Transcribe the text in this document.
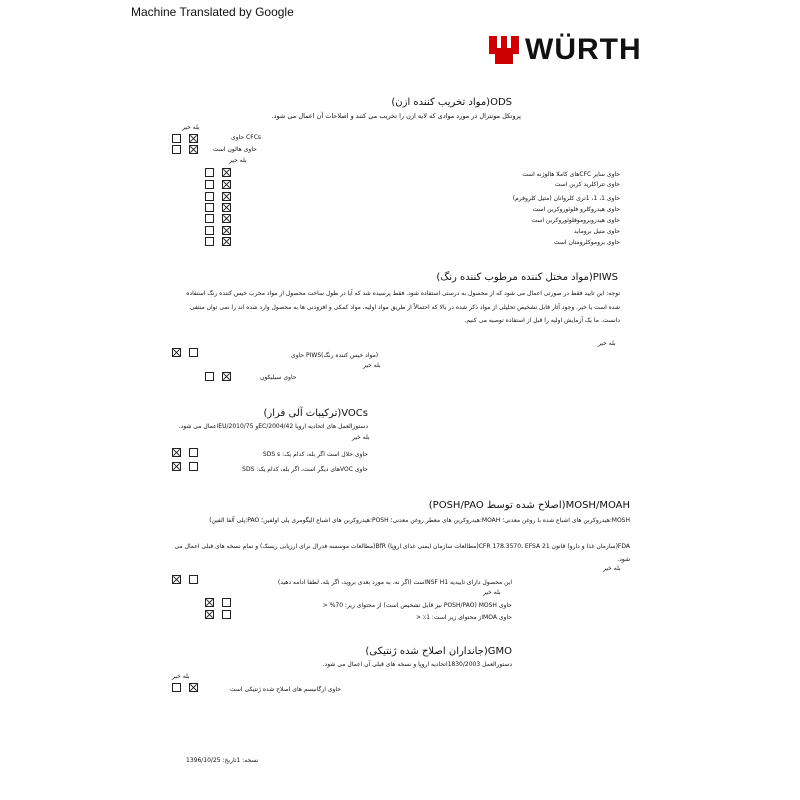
Machine Translated by Google
WÜRTH
ODS(مواد تخریب کننده ازن)
پروتکل مونترال در مورد موادی که لایه ازن را تخریب می کنند و اصلاحات آن اعمال می شود.
بله خیر
حاوی CFCs
حاوی هالون است
بله خیر
حاوی سایر CFCهای کاملا هالوژنه است
حاوی تتراکلرید کربن است
حاوی 1، 1، 1تری کلرواتان (متیل کلروفرم)
حاوی هیدروکلرو فلوئوروکربن است
حاوی هیدروبروموفلوئوروکربن است
حاوی متیل بروماید
حاوی بروموکلرومتان است
PIWS(مواد مختل کننده مرطوب کننده رنگ)
توجه: این تایید فقط در صورتی اعمال می شود که از محصول به درستی استفاده شود. فقط پرسیده شد که آیا در طول ساخت محصول از مواد مخرب خیس کننده رنگ استفاده
شده است یا خیر. وجود آثار قابل تشخیص تحلیلی از مواد ذکر شده در بالا که احتمالاً از طریق مواد اولیه، مواد کمکی و افزودنی ها به محصول وارد شده اند را نمی توان منتفی
دانست. ما یک آزمایش اولیه را قبل از استفاده توصیه می کنیم.
بله خیر
حاوی PIWS(مواد خیس کننده رنگ)
بله خیر
حاوی سیلیکون
VOCs(ترکیبات آلی فرار)
دستورالعمل های اتحادیه اروپا 2004/42/ECو 2010/75/EUاعمال می شود.
بله خیر
حاوی حلال است اگر بله، کدام یک: SDS s
حاوی VOCهای دیگر است، اگر بله، کدام یک: SDS
MOSH/MOAH(اصلاح شده توسط POSH/PAO)
MOSH:هیدروکربن های اشباع شده با روغن معدنی؛ MOAH:هیدروکربن های معطر روغن معدنی؛ POSH:هیدروکربن های اشباع الیگومری پلی اولفین؛ PAO:پلی آلفا الفین)
FDA(سازمان غذا و دارو) قانون 21 CFR 178.3570، EFSA(مطالعات سازمان ایمنی غذای اروپا) BfR(مطالعات موسسه فدرال برای ارزیابی ریسک) و تمام نسخه های قبلی اعمال می
شود.
بله خیر
این محصول دارای تاییدیه NSF H1است (اگر نه، به مورد بعدی بروید، اگر بله، لطفا ادامه دهید)
بله خیر
حاوی MOSH (POSH/PAO نیز قابل تشخیص است) از محتوای زیر: 70% <
حاوی MOAاز محتوای زیر است: 1٪ <
GMO(جانداران اصلاح شده ژنتیکی)
دستورالعمل 1830/2003اتحادیه اروپا و نسخه های قبلی آن اعمال می شود.
بله خیر
حاوی ارگانیسم های اصلاح شده ژنتیکی است
نسخه: 1تاریخ: 1396/10/25
